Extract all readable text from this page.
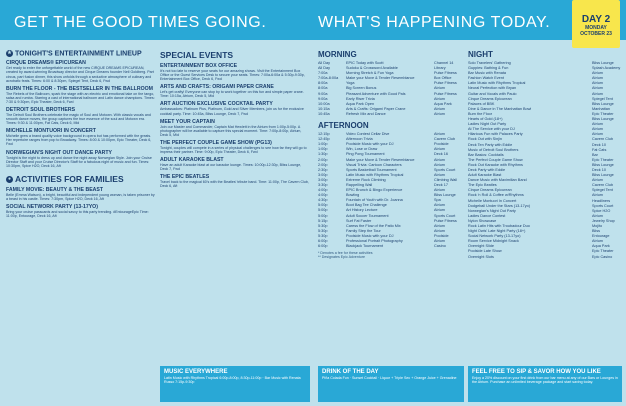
GET THE GOOD TIMES GOING.	WHAT'S HAPPENING TODAY.	DAY 2
MONDAY
OCTOBER 23
★ TONIGHT'S ENTERTAINMENT LINEUP
CIRQUE DREAMS® EPICUREAN

Get ready to enter the unforgettable world of the new CIRQUE DREAMS EPICUREAN, created by award-winning Broadway director and Cirque Dreams founder Neil Goldberg. Part circus, part fusion dinner, this show unfolds through a seductive atmosphere of culinary and acrobatic feats. Times: 6:00 & 8:30pm, Spiegel Tent, Deck 6, Fwd

BURN THE FLOOR - THE BESTSELLER IN THE BALLROOM

The Rebels of the Ballroom, spark the stage with an electric and emotional take on the tango, salsa and rumba. Starring a cast of international ballroom and Latin dance champions. Times: 7:30 & 9:30pm, Epic Theater, Deck 6, Fwd

DETROIT SOUL BROTHERS

The Detroit Soul Brothers celebrate the magic of Soul and Motown. With classic vocals and smooth dance moves, the group captures the true essence of the soul and Motown era. Times: 9:30 & 11:00pm, Fat Cats, Deck 6, Mid

MICHELLE MONTUORI IN CONCERT

Michelle grew a brand quality voice background in opera but has performed with the greats. Her repertoire ranges from pop to Broadway. Times: 8:00 & 10:00pm, Epic Theater, Deck 6, Fwd

NORWEGIAN'S NIGHT OUT DANCE PARTY

Tonight is the night to dress up and dance the night away Norwegian Style. Join your Cruise Director Staff and your Cruise Director's Staff for a fabulous night of music and fun. Times: 10:30pm, Spice H2O, Deck 16, Aft

● ACTIVITIES FOR FAMILIES
FAMILY MOVIE: BEAUTY & THE BEAST

Belle (Emma Watson), a bright, beautiful and independent young woman, is taken prisoner by a beast in his castle. Times: 7:30pm, Spice H2O, Deck 16, Aft

SOCIAL NETWORK PARTY (13-17YO)

Bring your cruise passcards and social savvy to this party trending. #EntourageEpic Time: 11:00p, Entourage, Deck 16, Aft

SPECIAL EVENTS
ENTERTAINMENT BOX OFFICE

It's not too late to reserve your seats for our amazing shows. Visit the Entertainment Box Office or the Guest Services Desk to secure your seats. Times: 7:00a-6:00a & 5:30p-9:30p, Entertainment Box Office, Deck 6, Fwd

ARTS AND CRAFTS: ORIGAMI PAPER CRANE

Let's get crafty! Everyone can stop by to work together on this fun and simple paper crane. Time: 10:15a, Atrium, Deck 5, Mid

ART AUCTION EXCLUSIVE COCKTAIL PARTY

Ambassadors: Platinum Plus, Platinum, Gold and Silver Members, join us for the exclusive cocktail party. Time: 10:45a, Bliss Lounge, Deck 7, Fwd

MEET YOUR CAPTAIN

Join our Master and Commander, Captain Mat Hewlett in the Atrium from 1:00p-5:00p. A photographer will be available to capture this special moment. Time: 7:00p-8:00p, Atrium, Deck 5, Mid

THE PERFECT COUPLE GAME SHOW (PG13)

Tonight, couples will compete in a series of physical challenges to see how far they will go to impress their partner. Time: 9:00p, Epic Theater, Deck 6, Fwd

ADULT KARAOKE BLAST

Have an adult Karaoke blast at our karaoke lounge. Times: 10:00p-12:30p, Bliss Lounge, Deck 7, Fwd

THE EPIC BEATLES

Travel back to the magical 60's with the Beatles' tribute band. Time: 11:00p, The Cavern Club, Deck 6, Aft

MORNING
All Day	EPIC Today with Scott	Channel 14
All Day	Sudoku & Crossword Available	Library
7:00a	Morning Stretch & Fun Yoga	Pulse Fitness
7:00a-8:00a	Make your Move & Tender Resemblance	Box Office
8:00a	Yoga	Pulse Fitness
8:00a	Big Screen Bonus	Atrium
9:00a	Pleasant Adventure with Good Pals	Pulse Fitness
9:00a	Early Riser Trivia	Atrium
10:00a	Aqua Park Open	Aqua Park
10:15a	Arts & Crafts: Origami Paper Crane	Atrium
10:45a	Refresh Mix and Dance	Atrium
AFTERNOON
12:15p	Video Contest Cellar Dive	Atrium
12:45p	Afternoon Trivia	Cavern Club
1:00p	Poolside Music with your DJ	Poolside
1:00p	Win, Lose or Draw	Atrium
1:30p	Ping Pong Tournament	Deck 16
2:00p	Make your Move & Tender Resemblance	Atrium
2:00p	Visual Trivia: Cartoon Characters	Atrium
2:30p	Sports Basketball Tournament	Sports Court
3:00p	Latin Music with Rhythms Tropical	Atrium
3:00p	Extreme Rock Climbing	Climbing Wall
3:30p	Rappelling Wall	Deck 17
4:00p	EPIC Brunch & Bingo Experience	Atrium
4:00p	Bowling	Bliss Lounge
4:30p	Fountain of Youth with Dr. Joanna	Spa
5:00p	Boot Bag Tee Challenge	Atrium
5:00p	Art History Lecture	Atrium
5:00p	Adult Soccer Tournament	Sports Court
5:15p	Surf Fat Faster	Pulse Fitness
5:30p	Caress the Flow of the Patio Mix	Atrium
5:30p	Family Step the Tour	Atrium
5:30p	Poolside Music with your DJ	Poolside
6:00p	Professional Portrait Photography	Atrium
6:00p	Blackjack Tournament	Casino
* Denotes a fee for these activities
** Designates Epic Adventure
NIGHT
Solo Travelers' Gathering	Bliss Lounge
Guppies: Bathing & Fun	Splash Academy
Bar Music with Renata	Atrium
Fashion Watch Event	Atrium
Latin Music with Rhythms Tropical	Atrium
Neural Perfection with Bryan	Atrium
Guitar and Vocals with Paulo	Atrium
Cirque Dreams Epicurean	Spiegel Tent
Palaces of BBK	Bliss Lounge
Dine & Dance in The Manhattan Bowl	Manhattan
Burn the Floor	Epic Theater
Hearts of Gold (18+)	Bliss Lounge
Ladies Night Out Party	Atrium
At The Service with your DJ	Atrium
Hilarious Fun with Palaces Party	Atrium
Rock Out with Sinjin	Cavern Club
Deck Ten Party with Eddie	Deck 10
Music of Detroit Soul Brothers	Fat Cats
Bar Basics: Cocktails	Bar
The Perfect Couple Game Show	Epic Theater
Rock Out Karaoke with Rhythms	Bliss Lounge
Deck Party with Eddie	Deck 10
Adult Karaoke Blast	Bliss Lounge
Dance Music with Maximilian Band	Atrium
The Epic Beatles	Cavern Club
Cirque Dreams Epicurean	Spiegel Tent
Rock 'n Roll & Coffee w/Rhythms	Atrium
Michelle Montuori In Concert	Headliners
Dodgeball Under the Stars (13-17yo)	Sports Court
Norwegian's Night Out Party	Spice H2O
Ladies Dance Contest	Atrium
Nylon Showcase	Jewelry Shop
Rock Latin Hits with Troubadour Duo	Mojito
Night Owls' Late Night Party (18+)	Bliss
Social Network Party (13-17yo)	Entourage
Room Service Midnight Snack	Atrium
Overnight Slide	Aqua Park
Poolside Late Show	Epic Theater
Overnight Slots	Epic Casino
MUSIC EVERYWHERE
Latin Music with Rhythms Tropical 6:00p-8:00p, 8:30p-11:00p · Bar Music with Renata Russo 7:15p-9:30p
DRINK OF THE DAY
Piña Colada Fun · Sunset Cocktail · Liquor + Triple Sec + Orange Juice + Grenadine
FEEL FREE TO SIP & SAVOR HOW YOU LIKE
Enjoy a 20% discount on your first drink from our bar menu at any of our Bars or Lounges in the Atrium. Purchase an unlimited beverage package and start saving today.
